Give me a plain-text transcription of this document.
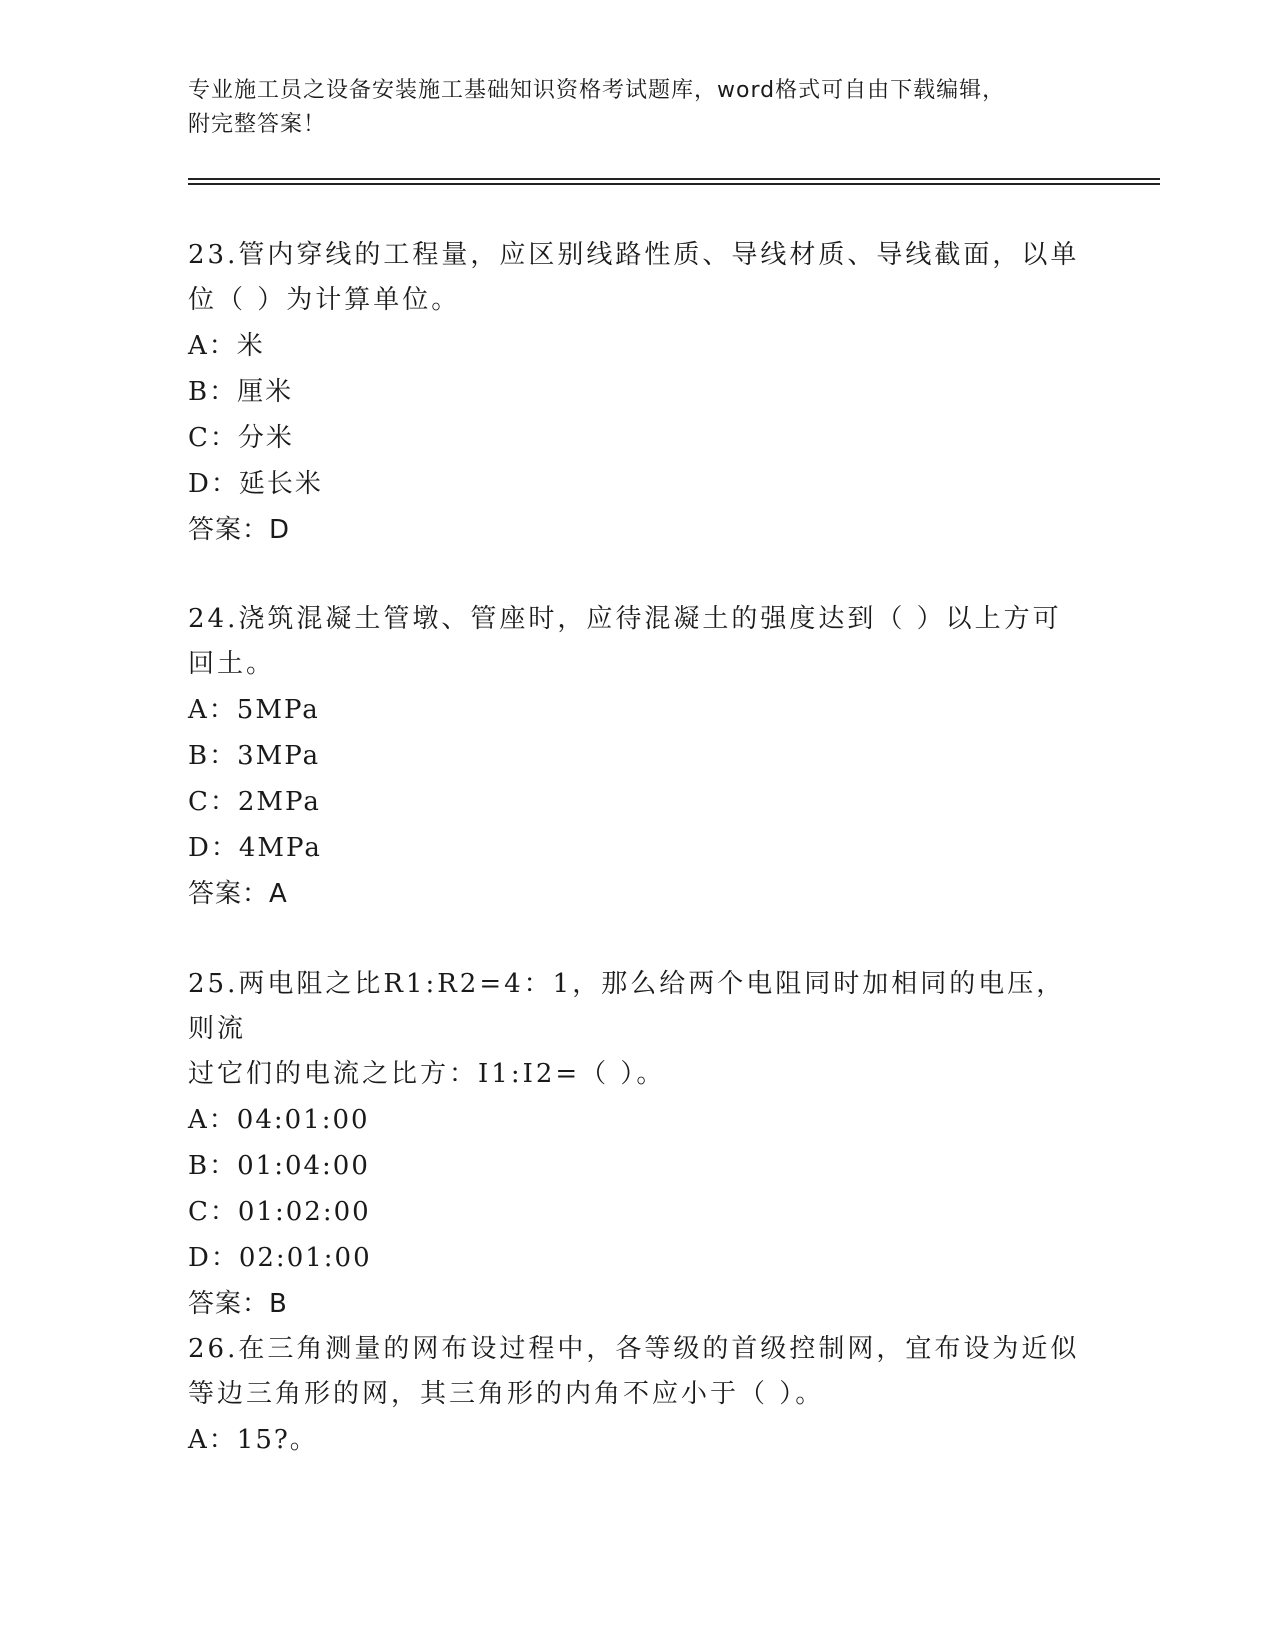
专业施工员之设备安装施工基础知识资格考试题库，word格式可自由下载编辑，
附完整答案！

23.管内穿线的工程量，应区别线路性质、导线材质、导线截面，以单

位（ ）为计算单位。

A：米

B：厘米

C：分米

D：延长米

答案：D

24.浇筑混凝土管墩、管座时，应待混凝土的强度达到（ ）以上方可

回土。

A：5MPa

B：3MPa

C：2MPa

D：4MPa

答案：A

25.两电阻之比R1:R2=4：1，那么给两个电阻同时加相同的电压，则流

过它们的电流之比方：I1:I2=（ ）。

A：04:01:00

B：01:04:00

C：01:02:00

D：02:01:00

答案：B

26.在三角测量的网布设过程中，各等级的首级控制网，宜布设为近似

等边三角形的网，其三角形的内角不应小于（ ）。

A：15?。
